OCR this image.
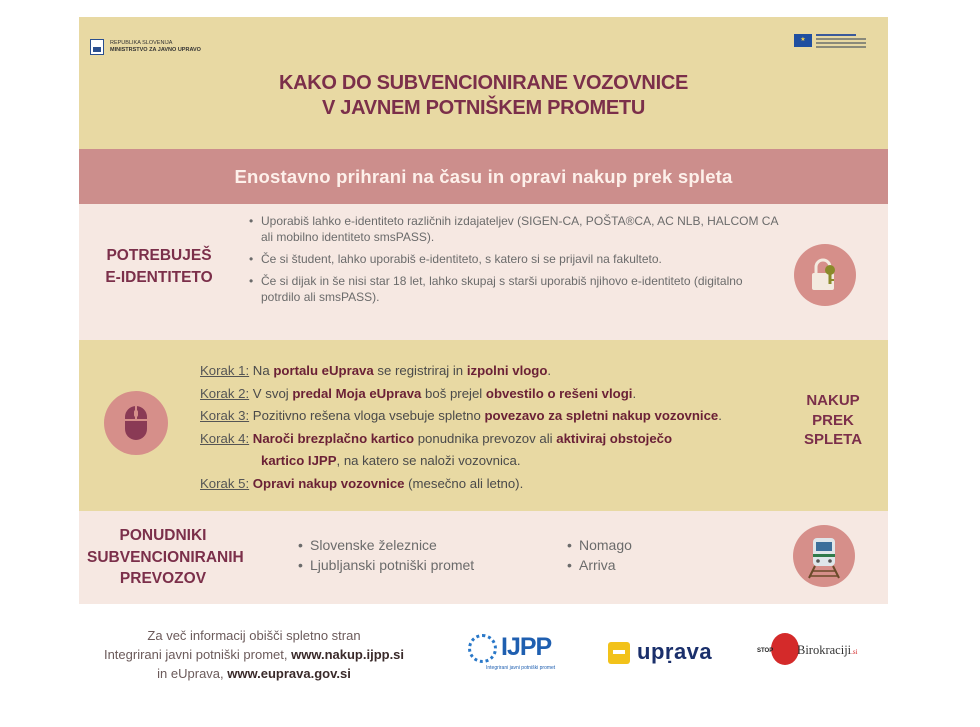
REPUBLIKA SLOVENIJA
MINISTRSTVO ZA JAVNO UPRAVO
★
KAKO DO SUBVENCIONIRANE VOZOVNICE
V JAVNEM POTNIŠKEM PROMETU
Enostavno prihrani na času in opravi nakup prek spleta
POTREBUJEŠ
E-IDENTITETO
• Uporabiš lahko e-identiteto različnih izdajateljev (SIGEN-CA, POŠTA®CA, AC NLB, HALCOM CA ali mobilno identiteto smsPASS).
• Če si študent, lahko uporabiš e-identiteto, s katero si se prijavil na fakulteto.
• Če si dijak in še nisi star 18 let, lahko skupaj s starši uporabiš njihovo e-identiteto (digitalno potrdilo ali smsPASS).
Korak 1: Na portalu eUprava se registriraj in izpolni vlogo.
Korak 2: V svoj predal Moja eUprava boš prejel obvestilo o rešeni vlogi.
Korak 3: Pozitivno rešena vloga vsebuje spletno povezavo za spletni nakup vozovnice.
Korak 4: Naroči brezplačno kartico ponudnika prevozov ali aktiviraj obstoječo
kartico IJPP, na katero se naloži vozovnica.
Korak 5: Opravi nakup vozovnice (mesečno ali letno).
NAKUP
PREK
SPLETA
PONUDNIKI
SUBVENCIONIRANIH
PREVOZOV
• Slovenske železnice
• Ljubljanski potniški promet
• Nomago
• Arriva
Za več informacij obišči spletno stran
Integrirani javni potniški promet, www.nakup.ijpp.si
in eUprava, www.euprava.gov.si
IJPP
Integrirani javni potniški promet
upṛava	STOP Birokraciji .si
